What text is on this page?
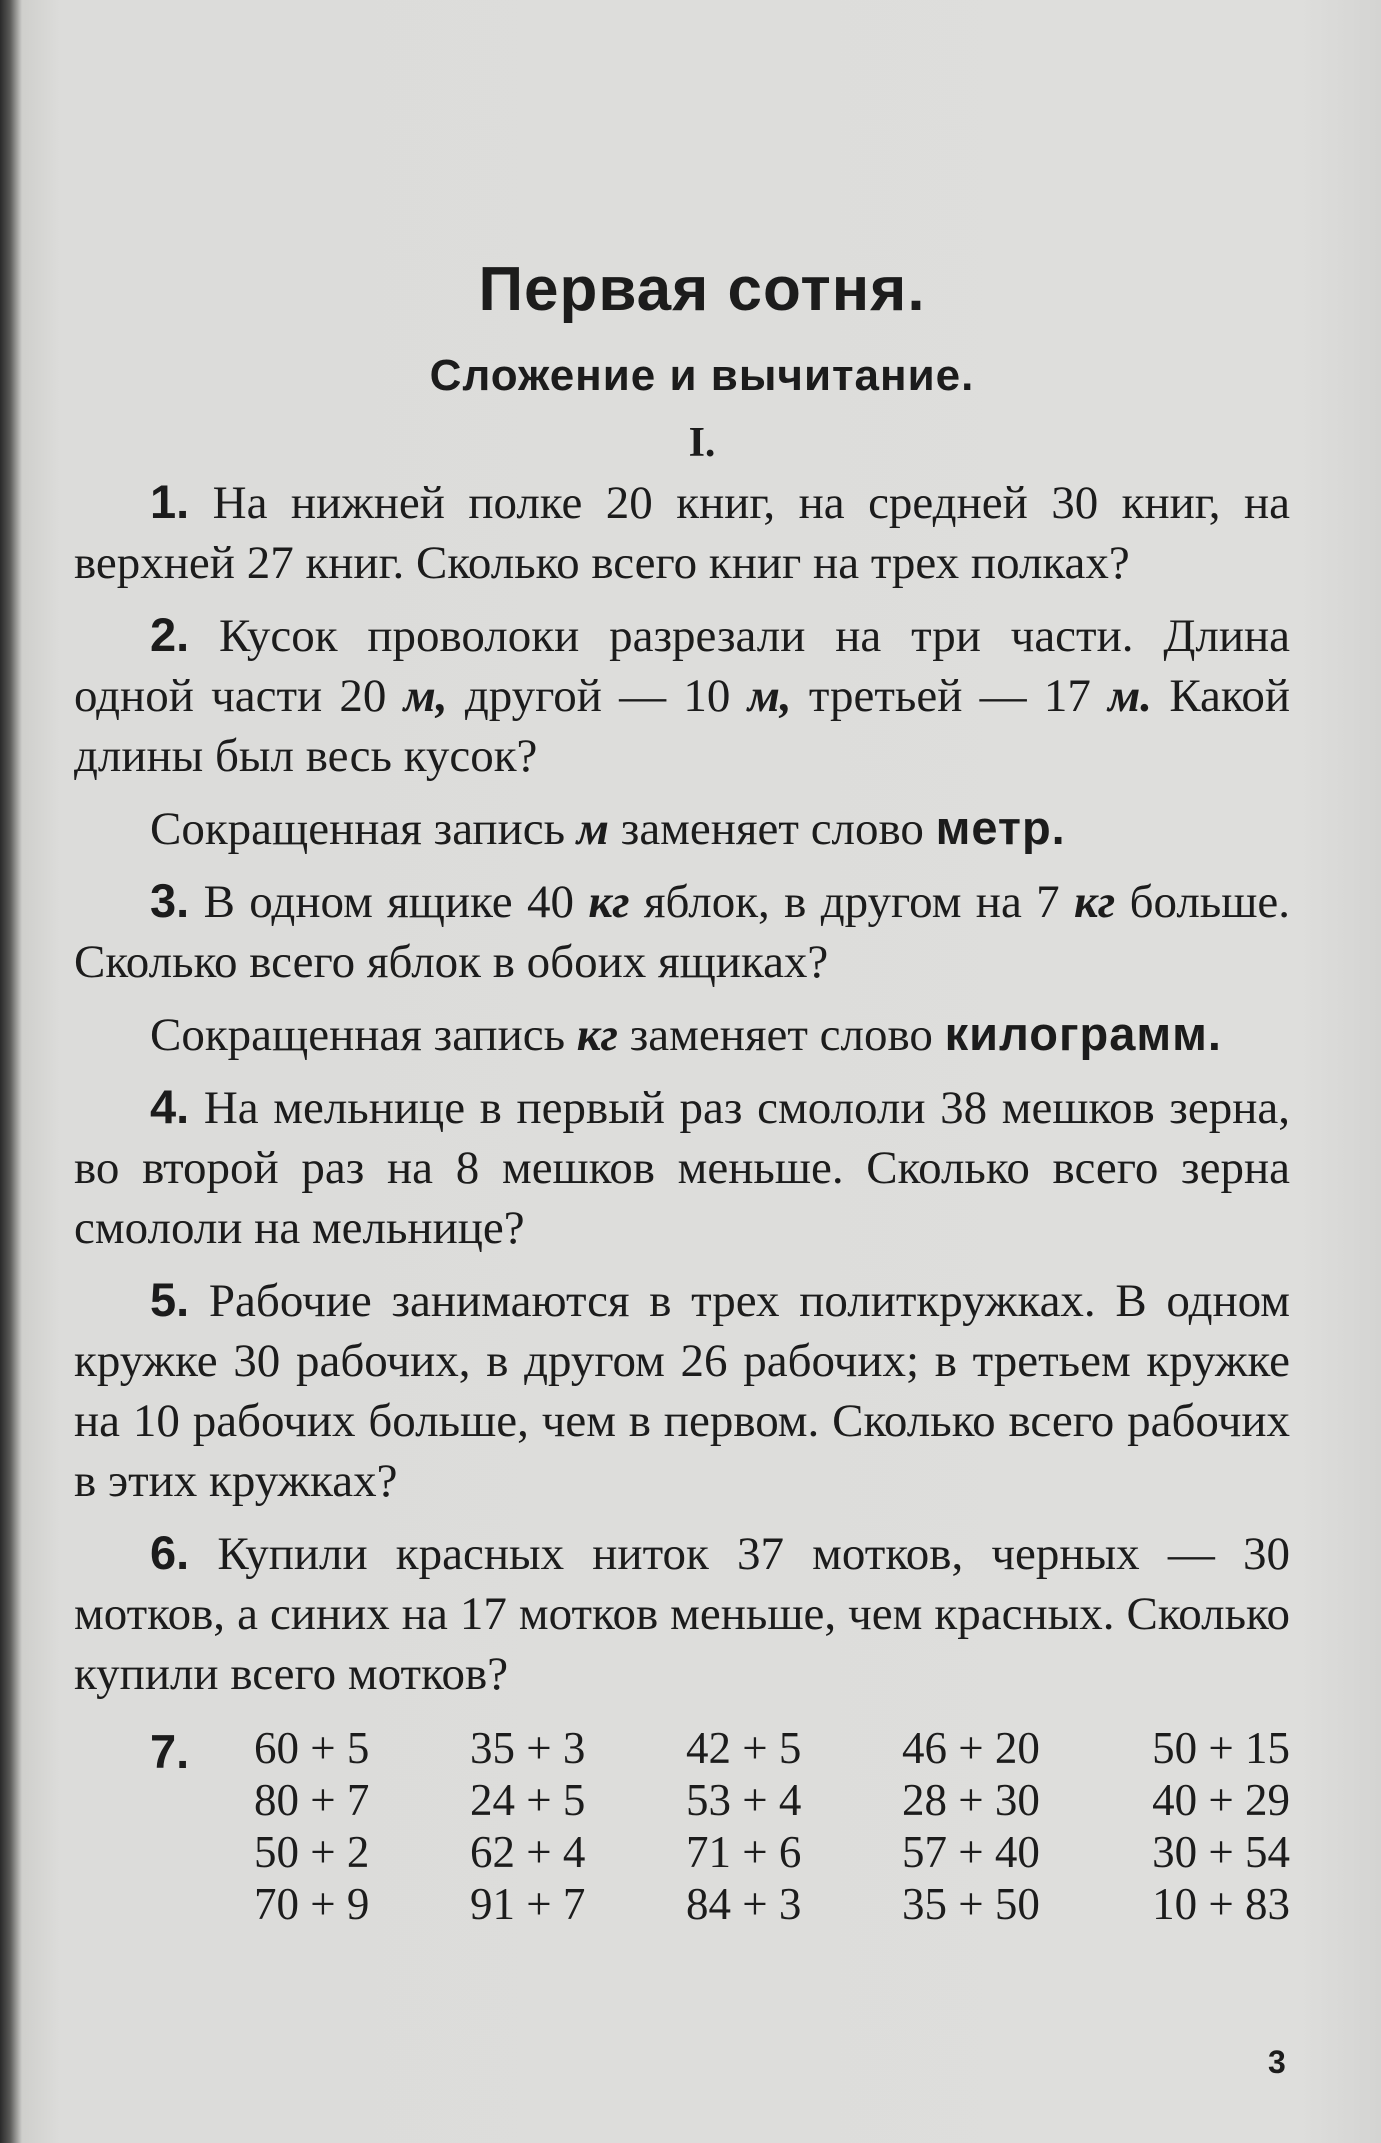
Первая сотня.
Сложение и вычитание.
I.

1. На нижней полке 20 книг, на средней 30 книг, на верхней 27 книг. Сколько всего книг на трех полках?

2. Кусок проволоки разрезали на три части. Длина одной части 20 м, другой — 10 м, третьей — 17 м. Какой длины был весь кусок?

Сокращенная запись м заменяет слово метр.

3. В одном ящике 40 кг яблок, в другом на 7 кг больше. Сколько всего яблок в обоих ящиках?

Сокращенная запись кг заменяет слово килограмм.

4. На мельнице в первый раз смололи 38 мешков зерна, во второй раз на 8 мешков меньше. Сколько всего зерна смололи на мельнице?

5. Рабочие занимаются в трех политкружках. В одном кружке 30 рабочих, в другом 26 рабочих; в третьем кружке на 10 рабочих больше, чем в первом. Сколько всего рабочих в этих кружках?

6. Купили красных ниток 37 мотков, черных — 30 мотков, а синих на 17 мотков меньше, чем красных. Сколько купили всего мотков?

7. 60 + 5	35 + 3	42 + 5	46 + 20	50 + 15
80 + 7	24 + 5	53 + 4	28 + 30	40 + 29
50 + 2	62 + 4	71 + 6	57 + 40	30 + 54
70 + 9	91 + 7	84 + 3	35 + 50	10 + 83
3
